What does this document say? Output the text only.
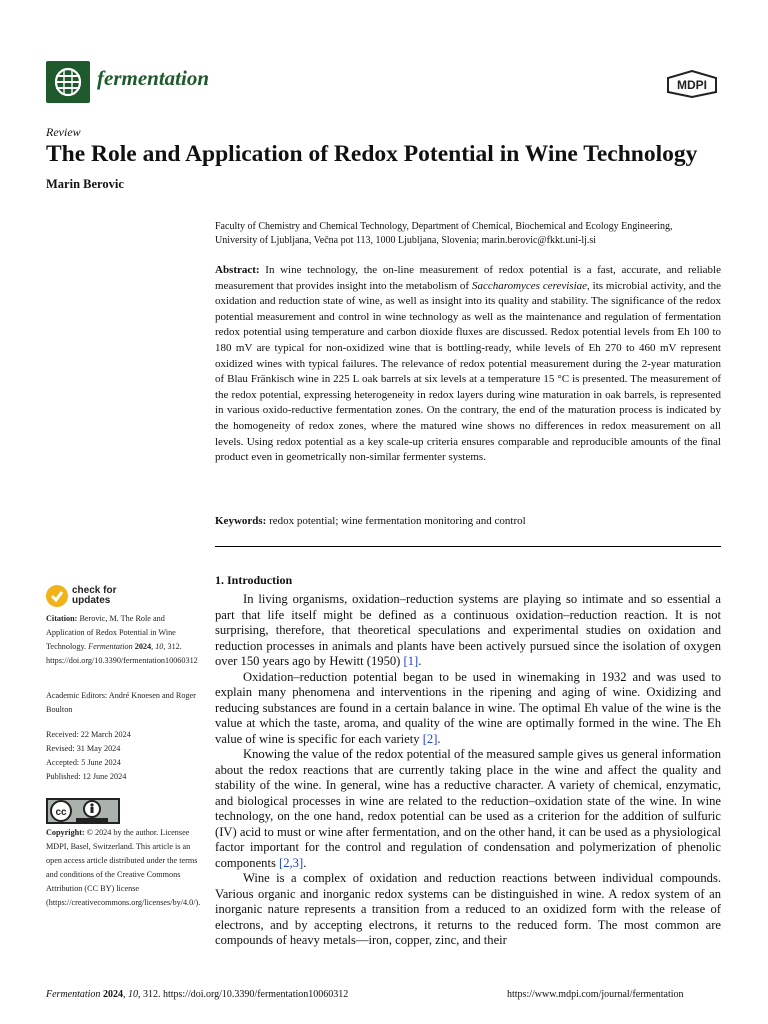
fermentation	MDPI
Review
The Role and Application of Redox Potential in Wine Technology
Marin Berovic
Faculty of Chemistry and Chemical Technology, Department of Chemical, Biochemical and Ecology Engineering,
University of Ljubljana, Večna pot 113, 1000 Ljubljana, Slovenia; marin.berovic@fkkt.uni-lj.si
Abstract: In wine technology, the on-line measurement of redox potential is a fast, accurate, and reliable measurement that provides insight into the metabolism of Saccharomyces cerevisiae, its microbial activity, and the oxidation and reduction state of wine, as well as insight into its quality and stability. The significance of the redox potential measurement and control in wine technology as well as the maintenance and regulation of fermentation redox potential using temperature and carbon dioxide fluxes are discussed. Redox potential levels from Eh 100 to 180 mV are typical for non-oxidized wine that is bottling-ready, while levels of Eh 270 to 460 mV represent oxidized wines with typical failures. The relevance of redox potential measurement during the 2-year maturation of Blau Fränkisch wine in 225 L oak barrels at six levels at a temperature 15 °C is presented. The measurement of the redox potential, expressing heterogeneity in redox layers during wine maturation in oak barrels, is represented in various oxido-reductive fermentation zones. On the contrary, the end of the maturation process is indicated by the homogeneity of redox zones, where the matured wine shows no differences in redox measurement on all levels. Using redox potential as a key scale-up criteria ensures comparable and reproducible amounts of the final product even in geometrically non-similar fermenter systems.
Keywords: redox potential; wine fermentation monitoring and control
check for
updates
Citation: Berovic, M. The Role and Application of Redox Potential in Wine Technology. Fermentation 2024, 10, 312. https://doi.org/10.3390/fermentation10060312
Academic Editors: André Knoesen and Roger Boulton
Received: 22 March 2024
Revised: 31 May 2024
Accepted: 5 June 2024
Published: 12 June 2024
cc
Copyright: © 2024 by the author. Licensee MDPI, Basel, Switzerland. This article is an open access article distributed under the terms and conditions of the Creative Commons Attribution (CC BY) license (https://creativecommons.org/licenses/by/4.0/).
1. Introduction

In living organisms, oxidation–reduction systems are playing so intimate and so essential a part that life itself might be defined as a continuous oxidation–reduction reaction. It is not surprising, therefore, that theoretical speculations and experimental studies on oxidation and reduction processes in animals and plants have been actively pursued since the isolation of oxygen over 150 years ago by Hewitt (1950) [1].

Oxidation–reduction potential began to be used in winemaking in 1932 and was used to explain many phenomena and interventions in the ripening and aging of wine. Oxidizing and reducing substances are found in a certain balance in wine. The optimal Eh value of the wine is the value at which the taste, aroma, and quality of the wine are optimally formed in the wine. The Eh value of wine is specific for each variety [2].

Knowing the value of the redox potential of the measured sample gives us general information about the redox reactions that are currently taking place in the wine and affect the quality and stability of the wine. In general, wine has a reductive character. A variety of chemical, enzymatic, and biological processes in wine are related to the reduction–oxidation state of the wine. In wine technology, on the one hand, redox potential can be used as a criterion for the addition of sulfuric (IV) acid to must or wine after fermentation, and on the other hand, it can be used as a physiological factor important for the control and regulation of condensation and polymerization of phenolic components [2,3].

Wine is a complex of oxidation and reduction reactions between individual compounds. Various organic and inorganic redox systems can be distinguished in wine. A redox system of an inorganic nature represents a transition from a reduced to an oxidized form with the release of electrons, and by accepting electrons, it returns to the reduced form. The most common are compounds of heavy metals—iron, copper, zinc, and their

Fermentation 2024, 10, 312. https://doi.org/10.3390/fermentation10060312	https://www.mdpi.com/journal/fermentation
